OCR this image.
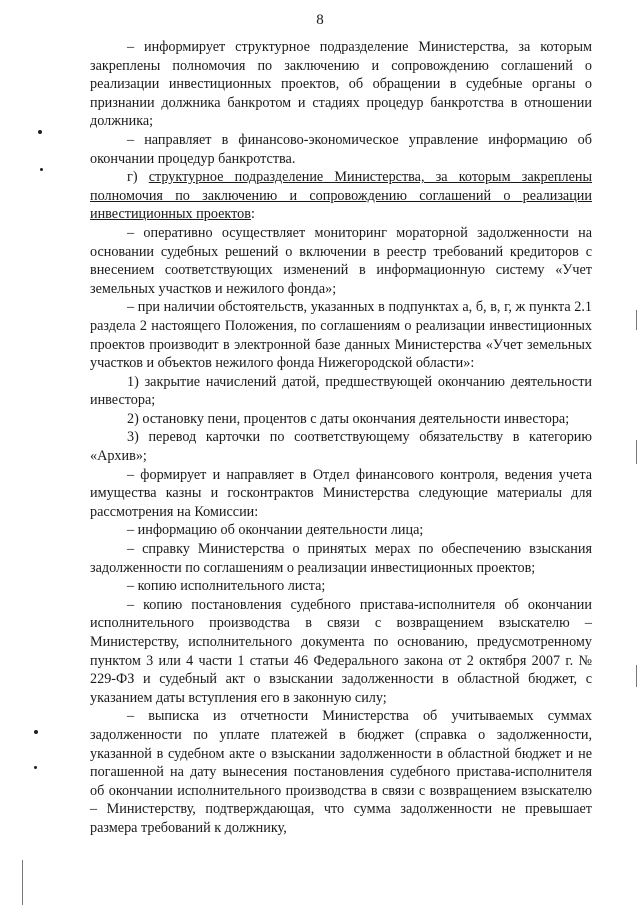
8

– информирует структурное подразделение Министерства, за которым закреплены полномочия по заключению и сопровождению соглашений о реализации инвестиционных проектов, об обращении в судебные органы о признании должника банкротом и стадиях процедур банкротства в отношении должника;

– направляет в финансово-экономическое управление информацию об окончании процедур банкротства.

г) структурное подразделение Министерства, за которым закреплены полномочия по заключению и сопровождению соглашений о реализации инвестиционных проектов:

– оперативно осуществляет мониторинг мораторной задолженности на основании судебных решений о включении в реестр требований кредиторов с внесением соответствующих изменений в информационную систему «Учет земельных участков и нежилого фонда»;

– при наличии обстоятельств, указанных в подпунктах а, б, в, г, ж пункта 2.1 раздела 2 настоящего Положения, по соглашениям о реализации инвестиционных проектов производит в электронной базе данных Министерства «Учет земельных участков и объектов нежилого фонда Нижегородской области»:

1) закрытие начислений датой, предшествующей окончанию деятельности инвестора;

2) остановку пени, процентов с даты окончания деятельности инвестора;

3) перевод карточки по соответствующему обязательству в категорию «Архив»;

– формирует и направляет в Отдел финансового контроля, ведения учета имущества казны и госконтрактов Министерства следующие материалы для рассмотрения на Комиссии:

– информацию об окончании деятельности лица;

– справку Министерства о принятых мерах по обеспечению взыскания задолженности по соглашениям о реализации инвестиционных проектов;

– копию исполнительного листа;

– копию постановления судебного пристава-исполнителя об окончании исполнительного производства в связи с возвращением взыскателю – Министерству, исполнительного документа по основанию, предусмотренному пунктом 3 или 4 части 1 статьи 46 Федерального закона от 2 октября 2007 г. № 229-ФЗ и судебный акт о взыскании задолженности в областной бюджет, с указанием даты вступления его в законную силу;

– выписка из отчетности Министерства об учитываемых суммах задолженности по уплате платежей в бюджет (справка о задолженности, указанной в судебном акте о взыскании задолженности в областной бюджет и не погашенной на дату вынесения постановления судебного пристава-исполнителя об окончании исполнительного производства в связи с возвращением взыскателю – Министерству, подтверждающая, что сумма задолженности не превышает размера требований к должнику,
